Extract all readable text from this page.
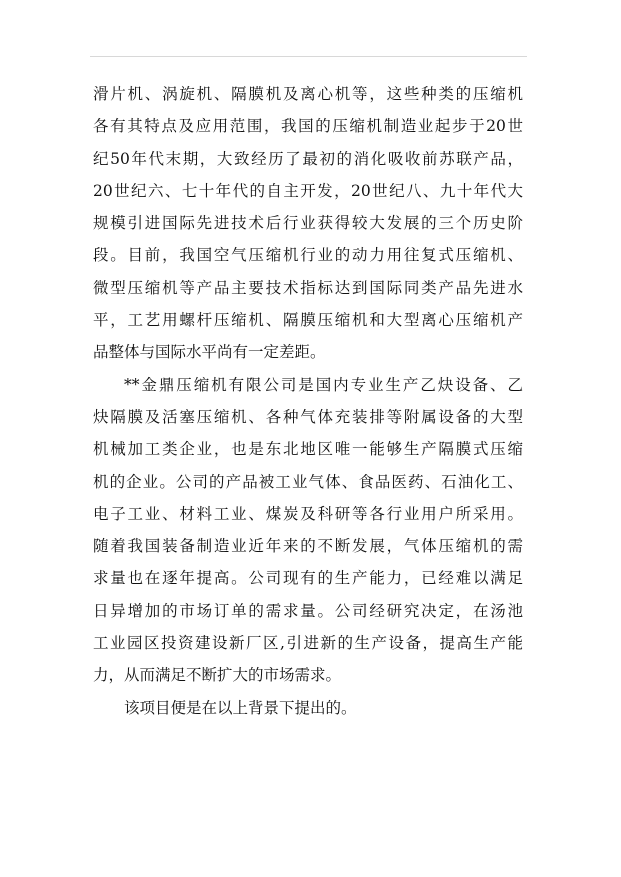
滑片机、涡旋机、隔膜机及离心机等，这些种类的压缩机
各有其特点及应用范围，我国的压缩机制造业起步于20世
纪50年代末期，大致经历了最初的消化吸收前苏联产品，
20世纪六、七十年代的自主开发，20世纪八、九十年代大
规模引进国际先进技术后行业获得较大发展的三个历史阶
段。目前，我国空气压缩机行业的动力用往复式压缩机、
微型压缩机等产品主要技术指标达到国际同类产品先进水
平，工艺用螺杆压缩机、隔膜压缩机和大型离心压缩机产
品整体与国际水平尚有一定差距。
**金鼎压缩机有限公司是国内专业生产乙炔设备、乙
炔隔膜及活塞压缩机、各种气体充装排等附属设备的大型
机械加工类企业，也是东北地区唯一能够生产隔膜式压缩
机的企业。公司的产品被工业气体、食品医药、石油化工、
电子工业、材料工业、煤炭及科研等各行业用户所采用。
随着我国装备制造业近年来的不断发展，气体压缩机的需
求量也在逐年提高。公司现有的生产能力，已经难以满足
日异增加的市场订单的需求量。公司经研究决定，在汤池
工业园区投资建设新厂区,引进新的生产设备，提高生产能
力，从而满足不断扩大的市场需求。
该项目便是在以上背景下提出的。
